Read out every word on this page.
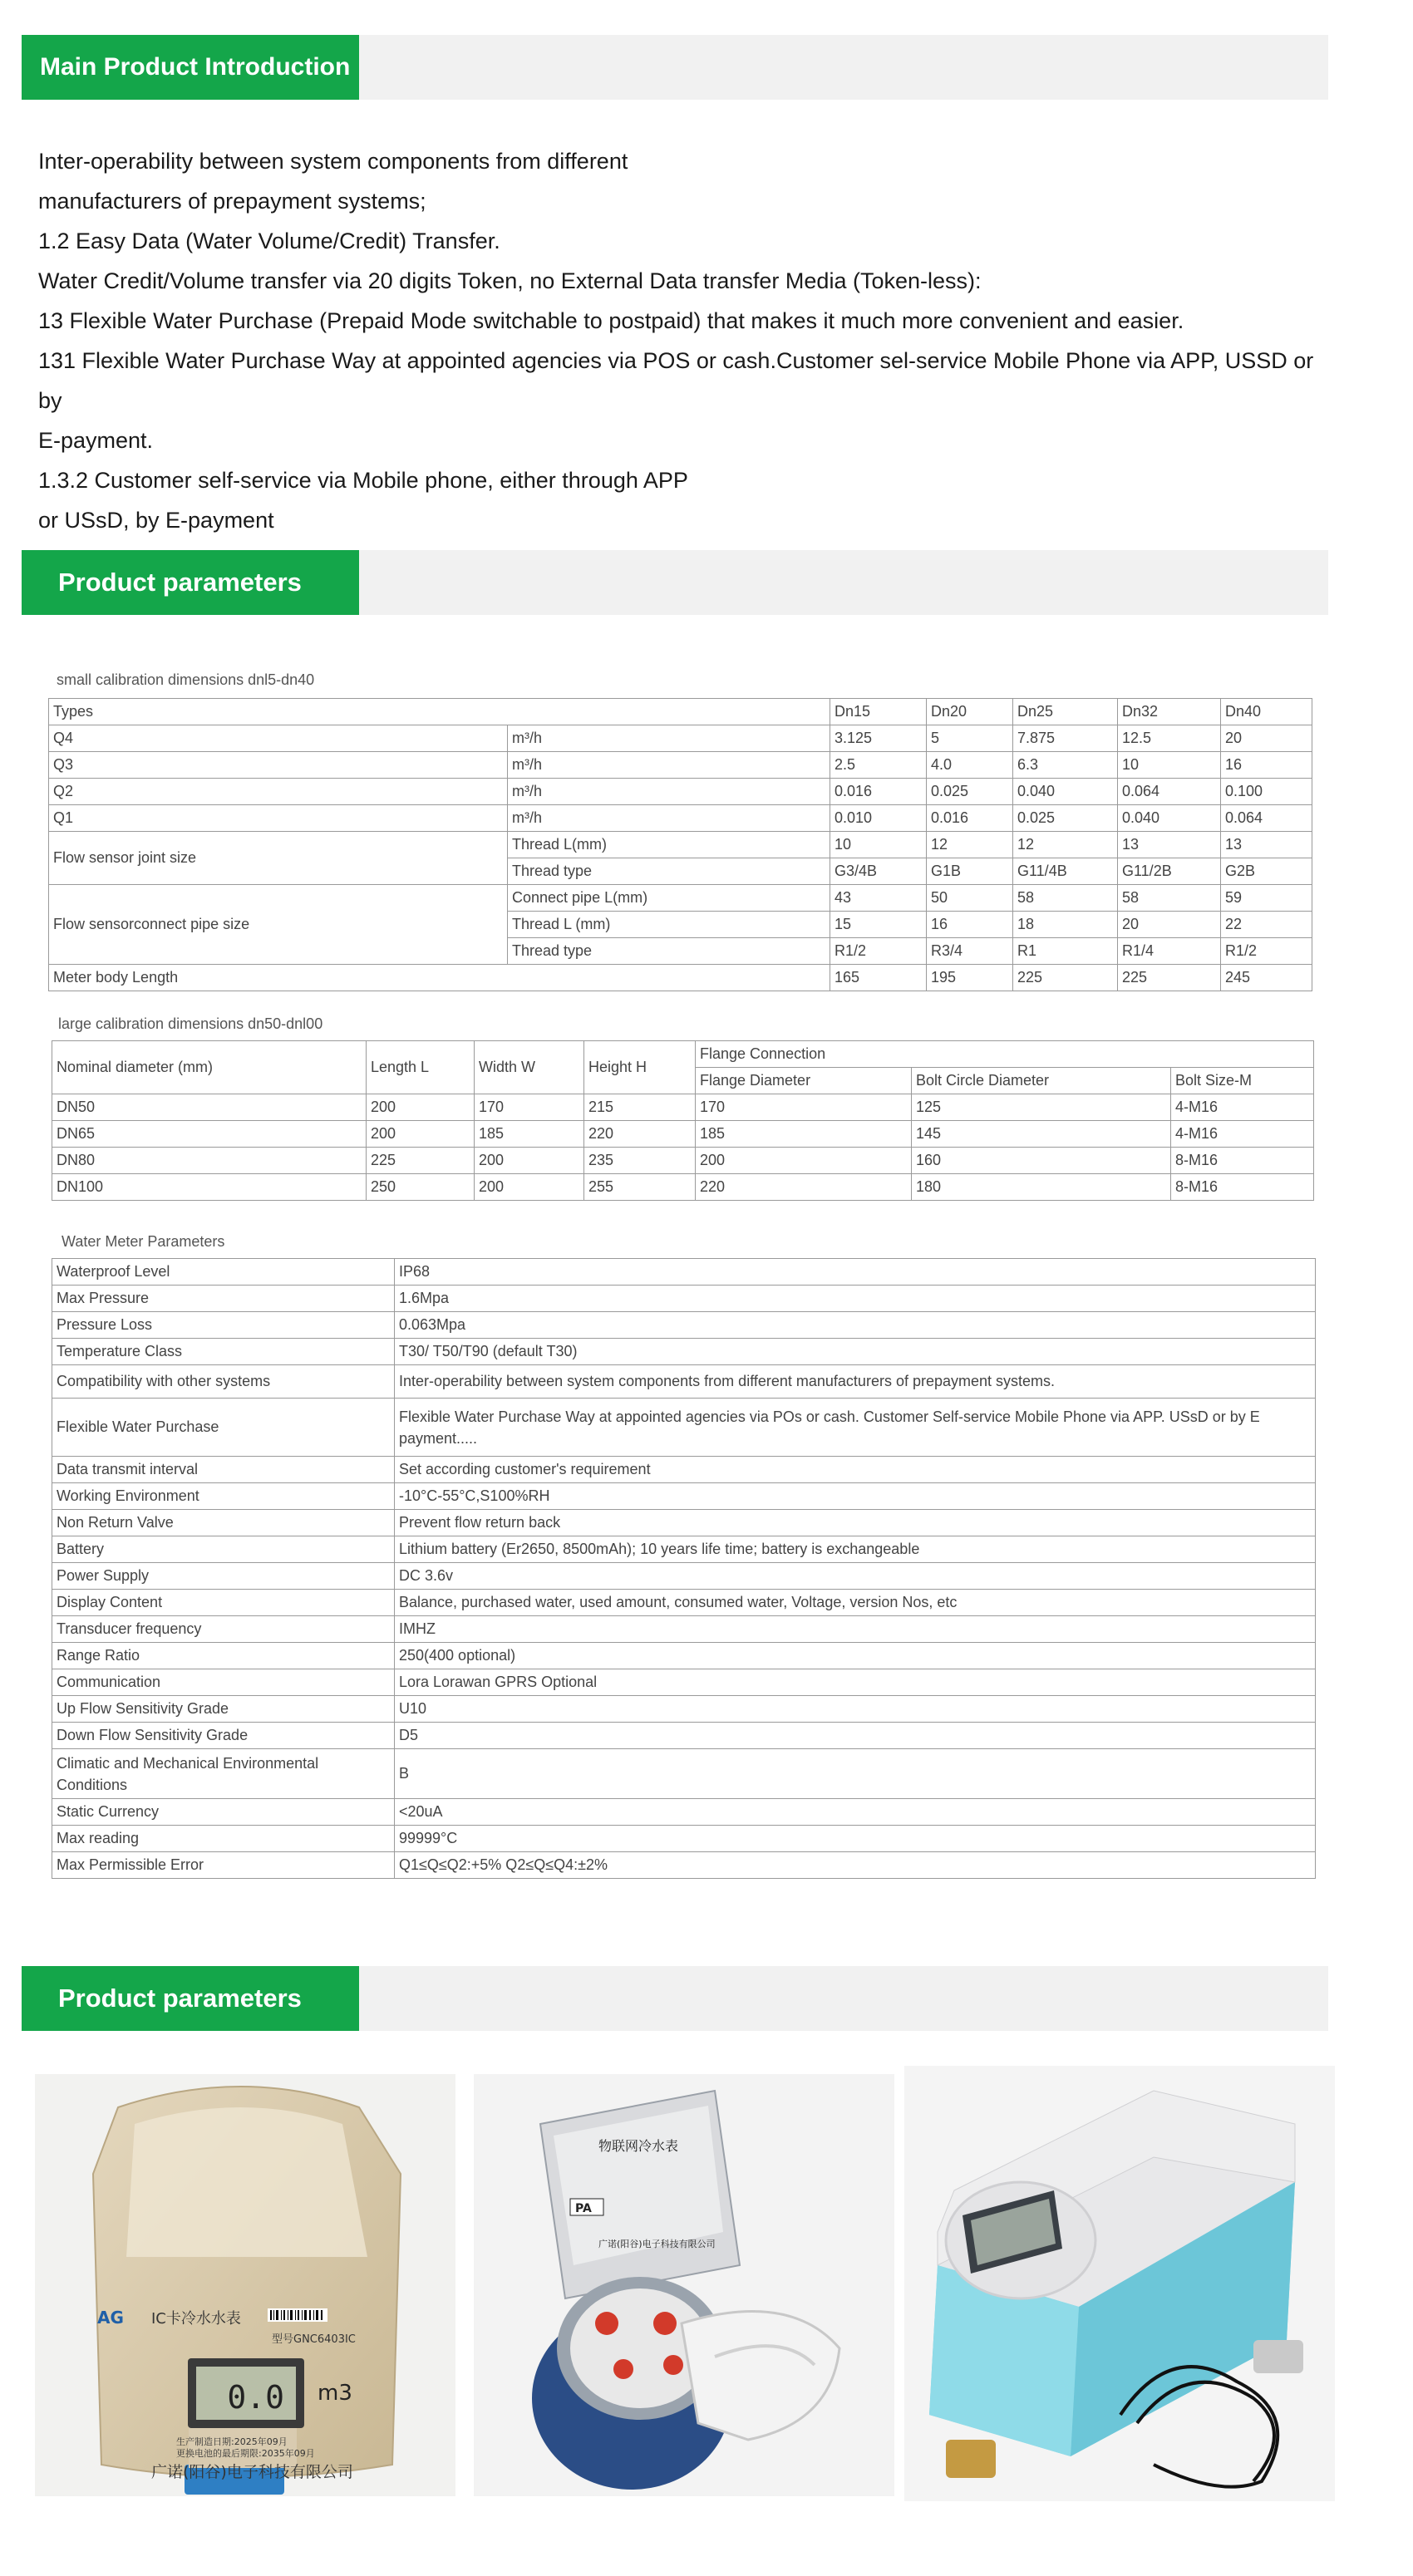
Main Product Introduction

Inter-operability between system components from different

manufacturers of prepayment systems;

1.2 Easy Data (Water Volume/Credit) Transfer.

Water Credit/Volume transfer via 20 digits Token, no External Data transfer Media (Token-less):

13 Flexible Water Purchase (Prepaid Mode switchable to postpaid) that makes it much more convenient and easier.

131 Flexible Water Purchase Way at appointed agencies via POS or cash.Customer sel-service Mobile Phone via APP, USSD or by

E-payment.

1.3.2 Customer self-service via Mobile phone, either through APP

or USsD, by E-payment

Product parameters
small calibration dimensions dnl5-dn40
Types		Dn15	Dn20	Dn25	Dn32	Dn40
Q4	m³/h	3.125	5	7.875	12.5	20
Q3	m³/h	2.5	4.0	6.3	10	16
Q2	m³/h	0.016	0.025	0.040	0.064	0.100
Q1	m³/h	0.010	0.016	0.025	0.040	0.064
Flow sensor joint size	Thread L(mm)	10	12	12	13	13
	Thread type	G3/4B	G1B	G11/4B	G11/2B	G2B
Flow sensorconnect pipe size	Connect pipe L(mm)	43	50	58	58	59
	Thread L (mm)	15	16	18	20	22
	Thread type	R1/2	R3/4	R1	R1/4	R1/2
Meter body Length		165	195	225	225	245
large calibration dimensions dn50-dnl00
Nominal diameter (mm)	Length L	Width W	Height H	Flange Connection		
				Flange Diameter	Bolt Circle Diameter	Bolt Size-M
DN50	200	170	215	170	125	4-M16
DN65	200	185	220	185	145	4-M16
DN80	225	200	235	200	160	8-M16
DN100	250	200	255	220	180	8-M16
Water Meter Parameters
Waterproof Level	IP68
Max Pressure	1.6Mpa
Pressure Loss	0.063Mpa
Temperature Class	T30/ T50/T90 (default T30)
Compatibility with other systems	Inter-operability between system components from different manufacturers of prepayment systems.
Flexible Water Purchase	Flexible Water Purchase Way at appointed agencies via POs or cash. Customer Self-service Mobile Phone via APP. USsD or by E payment.....
Data transmit interval	Set according customer's requirement
Working Environment	-10°C-55°C,S100%RH
Non Return Valve	Prevent flow return back
Battery	Lithium battery (Er2650, 8500mAh); 10 years life time; battery is exchangeable
Power Supply	DC 3.6v
Display Content	Balance, purchased water, used amount, consumed water, Voltage, version Nos, etc
Transducer frequency	IMHZ
Range Ratio	250(400 optional)
Communication	Lora Lorawan GPRS Optional
Up Flow Sensitivity Grade	U10
Down Flow Sensitivity Grade	D5
Climatic and Mechanical Environmental Conditions	B
Static Currency	<20uA
Max reading	99999°C
Max Permissible Error	Q1≤Q≤Q2:+5% Q2≤Q≤Q4:±2%
Product parameters
AG IC卡冷水水表
型号GNC6403IC
0.0 m3
生产制造日期:2025年09月
更换电池的最后期限:2035年09月
广诺(阳谷)电子科技有限公司
物联网冷水表
PA
广诺(阳谷)电子科技有限公司
